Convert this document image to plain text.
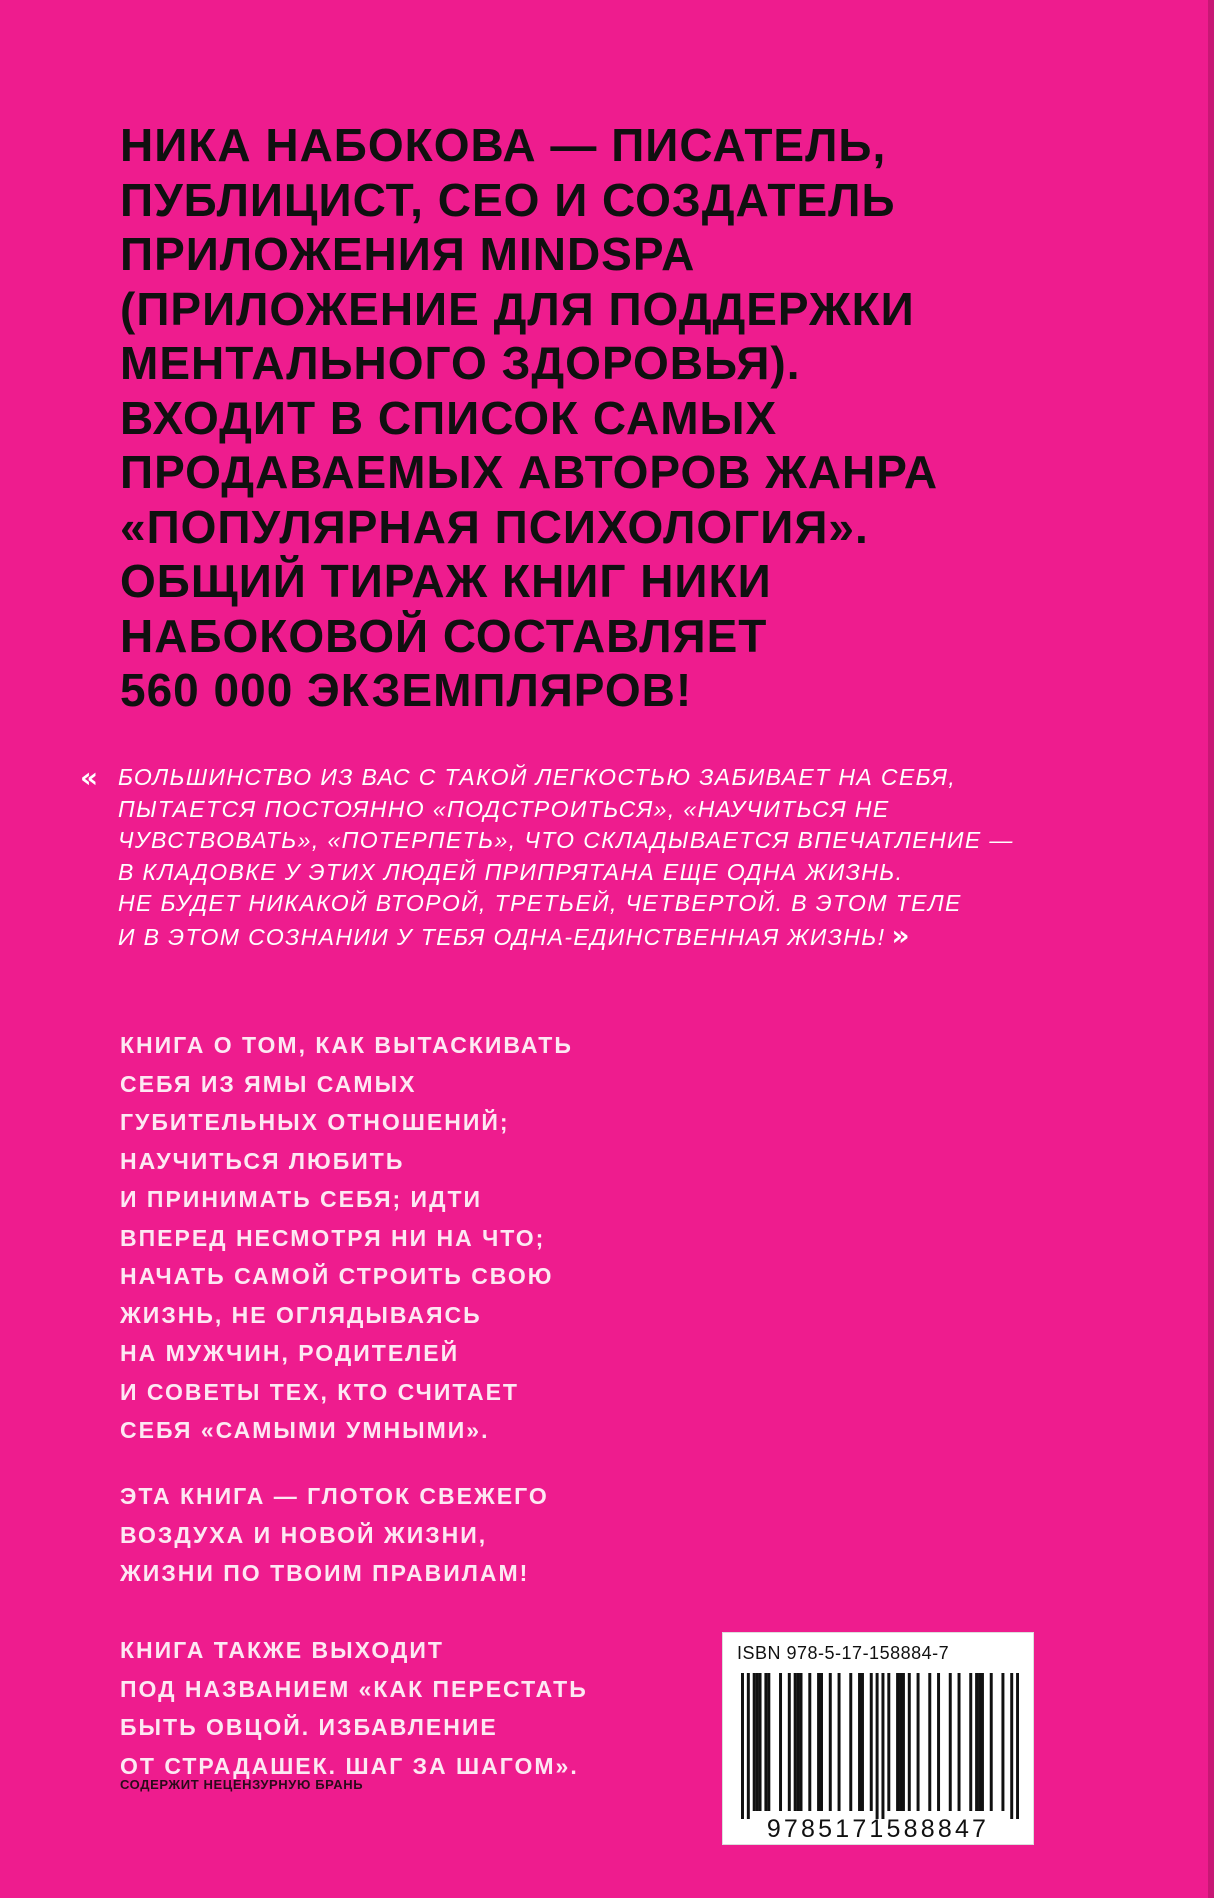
НИКА НАБОКОВА — ПИСАТЕЛЬ,
ПУБЛИЦИСТ, СЕО И СОЗДАТЕЛЬ
ПРИЛОЖЕНИЯ MINDSPA
(ПРИЛОЖЕНИЕ ДЛЯ ПОДДЕРЖКИ
МЕНТАЛЬНОГО ЗДОРОВЬЯ).
ВХОДИТ В СПИСОК САМЫХ
ПРОДАВАЕМЫХ АВТОРОВ ЖАНРА
«ПОПУЛЯРНАЯ ПСИХОЛОГИЯ».
ОБЩИЙ ТИРАЖ КНИГ НИКИ
НАБОКОВОЙ СОСТАВЛЯЕТ
560 000 ЭКЗЕМПЛЯРОВ!
« БОЛЬШИНСТВО ИЗ ВАС С ТАКОЙ ЛЕГКОСТЬЮ ЗАБИВАЕТ НА СЕБЯ,
ПЫТАЕТСЯ ПОСТОЯННО «ПОДСТРОИТЬСЯ», «НАУЧИТЬСЯ НЕ
ЧУВСТВОВАТЬ», «ПОТЕРПЕТЬ», ЧТО СКЛАДЫВАЕТСЯ ВПЕЧАТЛЕНИЕ —
В КЛАДОВКЕ У ЭТИХ ЛЮДЕЙ ПРИПРЯТАНА ЕЩЕ ОДНА ЖИЗНЬ.
НЕ БУДЕТ НИКАКОЙ ВТОРОЙ, ТРЕТЬЕЙ, ЧЕТВЕРТОЙ. В ЭТОМ ТЕЛЕ
И В ЭТОМ СОЗНАНИИ У ТЕБЯ ОДНА-ЕДИНСТВЕННАЯ ЖИЗНЬ! »
КНИГА О ТОМ, КАК ВЫТАСКИВАТЬ
СЕБЯ ИЗ ЯМЫ САМЫХ
ГУБИТЕЛЬНЫХ ОТНОШЕНИЙ;
НАУЧИТЬСЯ ЛЮБИТЬ
И ПРИНИМАТЬ СЕБЯ; ИДТИ
ВПЕРЕД НЕСМОТРЯ НИ НА ЧТО;
НАЧАТЬ САМОЙ СТРОИТЬ СВОЮ
ЖИЗНЬ, НЕ ОГЛЯДЫВАЯСЬ
НА МУЖЧИН, РОДИТЕЛЕЙ
И СОВЕТЫ ТЕХ, КТО СЧИТАЕТ
СЕБЯ «САМЫМИ УМНЫМИ».
ЭТА КНИГА — ГЛОТОК СВЕЖЕГО
ВОЗДУХА И НОВОЙ ЖИЗНИ,
ЖИЗНИ ПО ТВОИМ ПРАВИЛАМ!
КНИГА ТАКЖЕ ВЫХОДИТ
ПОД НАЗВАНИЕМ «КАК ПЕРЕСТАТЬ
БЫТЬ ОВЦОЙ. ИЗБАВЛЕНИЕ
ОТ СТРАДАШЕК. ШАГ ЗА ШАГОМ».
СОДЕРЖИТ НЕЦЕНЗУРНУЮ БРАНЬ
ISBN 978-5-17-158884-7
9785171588847
